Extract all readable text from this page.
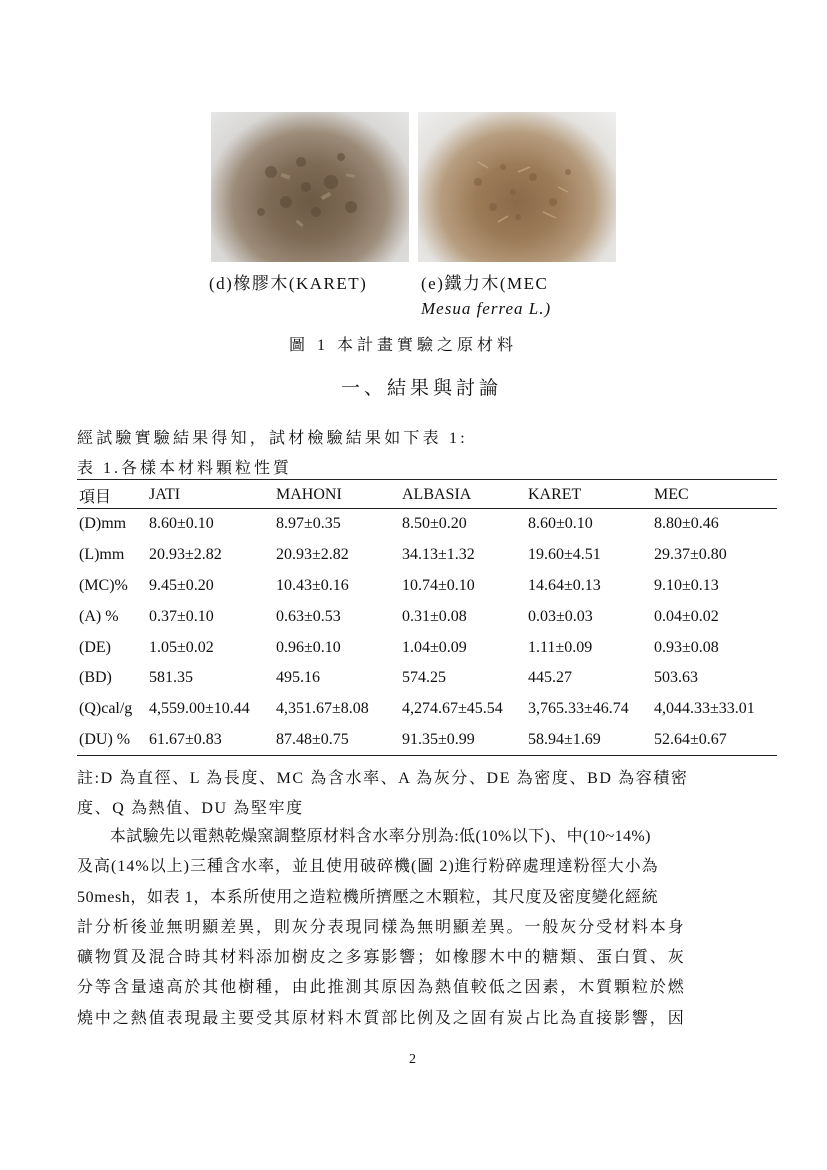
(d)橡膠木(KARET)	(e)鐵力木(MEC
Mesua ferrea L.)
圖 1 本計畫實驗之原材料
一、結果與討論
經試驗實驗結果得知，試材檢驗結果如下表 1:
表 1.各樣本材料顆粒性質
項目	JATI	MAHONI	ALBASIA	KARET	MEC
(D)mm	8.60±0.10	8.97±0.35	8.50±0.20	8.60±0.10	8.80±0.46
(L)mm	20.93±2.82	20.93±2.82	34.13±1.32	19.60±4.51	29.37±0.80
(MC)%	9.45±0.20	10.43±0.16	10.74±0.10	14.64±0.13	9.10±0.13
(A) %	0.37±0.10	0.63±0.53	0.31±0.08	0.03±0.03	0.04±0.02
(DE)	1.05±0.02	0.96±0.10	1.04±0.09	1.11±0.09	0.93±0.08
(BD)	581.35	495.16	574.25	445.27	503.63
(Q)cal/g	4,559.00±10.44	4,351.67±8.08	4,274.67±45.54	3,765.33±46.74	4,044.33±33.01
(DU) %	61.67±0.83	87.48±0.75	91.35±0.99	58.94±1.69	52.64±0.67
註:D 為直徑、L 為長度、MC 為含水率、A 為灰分、DE 為密度、BD 為容積密
度、Q 為熱值、DU 為堅牢度
　　本試驗先以電熱乾燥窯調整原材料含水率分別為:低(10%以下)、中(10~14%)
及高(14%以上)三種含水率，並且使用破碎機(圖 2)進行粉碎處理達粉徑大小為
50mesh，如表 1，本系所使用之造粒機所擠壓之木顆粒，其尺度及密度變化經統
計分析後並無明顯差異，則灰分表現同樣為無明顯差異。一般灰分受材料本身
礦物質及混合時其材料添加樹皮之多寡影響；如橡膠木中的糖類、蛋白質、灰
分等含量遠高於其他樹種，由此推測其原因為熱值較低之因素，木質顆粒於燃
燒中之熱值表現最主要受其原材料木質部比例及之固有炭占比為直接影響，因
2
